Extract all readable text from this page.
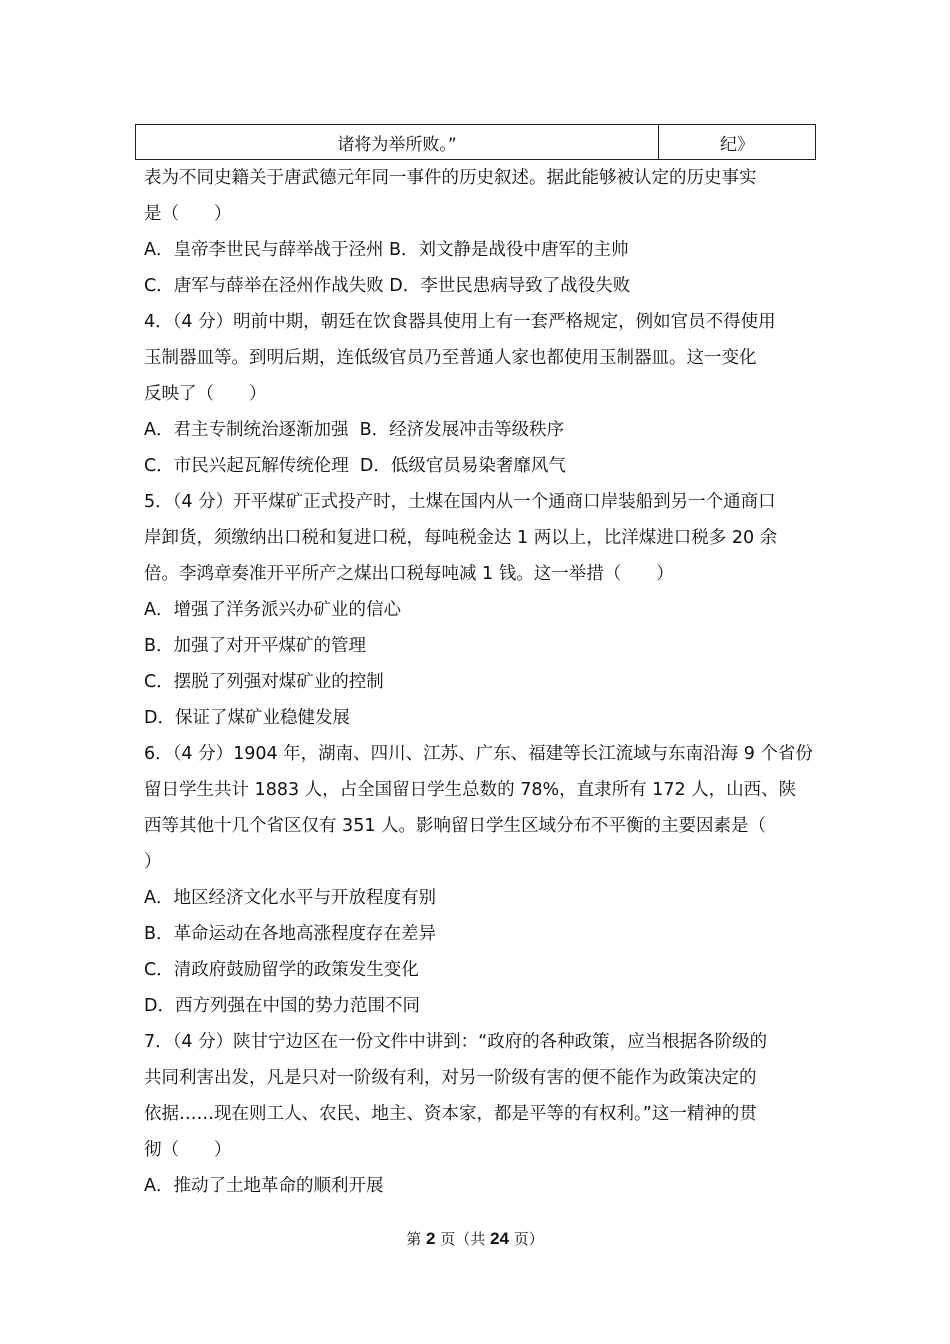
诸将为举所败。”	纪》
表为不同史籍关于唐武德元年同一事件的历史叙述。据此能够被认定的历史事实
是（　　）
A．皇帝李世民与薛举战于泾州 B．刘文静是战役中唐军的主帅
C．唐军与薛举在泾州作战失败 D．李世民患病导致了战役失败
4．（4 分）明前中期，朝廷在饮食器具使用上有一套严格规定，例如官员不得使用
玉制器皿等。到明后期，连低级官员乃至普通人家也都使用玉制器皿。这一变化
反映了（　　）
A．君主专制统治逐渐加强  B．经济发展冲击等级秩序
C．市民兴起瓦解传统伦理  D．低级官员易染奢靡风气
5．（4 分）开平煤矿正式投产时，土煤在国内从一个通商口岸装船到另一个通商口
岸卸货，须缴纳出口税和复进口税，每吨税金达 1 两以上，比洋煤进口税多 20 余
倍。李鸿章奏准开平所产之煤出口税每吨减 1 钱。这一举措（　　）
A．增强了洋务派兴办矿业的信心
B．加强了对开平煤矿的管理
C．摆脱了列强对煤矿业的控制
D．保证了煤矿业稳健发展
6．（4 分）1904 年，湖南、四川、江苏、广东、福建等长江流域与东南沿海 9 个省份
留日学生共计 1883 人，占全国留日学生总数的 78%，直隶所有 172 人，山西、陕
西等其他十几个省区仅有 351 人。影响留日学生区域分布不平衡的主要因素是（
）
A．地区经济文化水平与开放程度有别
B．革命运动在各地高涨程度存在差异
C．清政府鼓励留学的政策发生变化
D．西方列强在中国的势力范围不同
7．（4 分）陕甘宁边区在一份文件中讲到：“政府的各种政策，应当根据各阶级的
共同利害出发，凡是只对一阶级有利，对另一阶级有害的便不能作为政策决定的
依据……现在则工人、农民、地主、资本家，都是平等的有权利。”这一精神的贯
彻（　　）
A．推动了土地革命的顺利开展
第 2 页（共 24 页）
